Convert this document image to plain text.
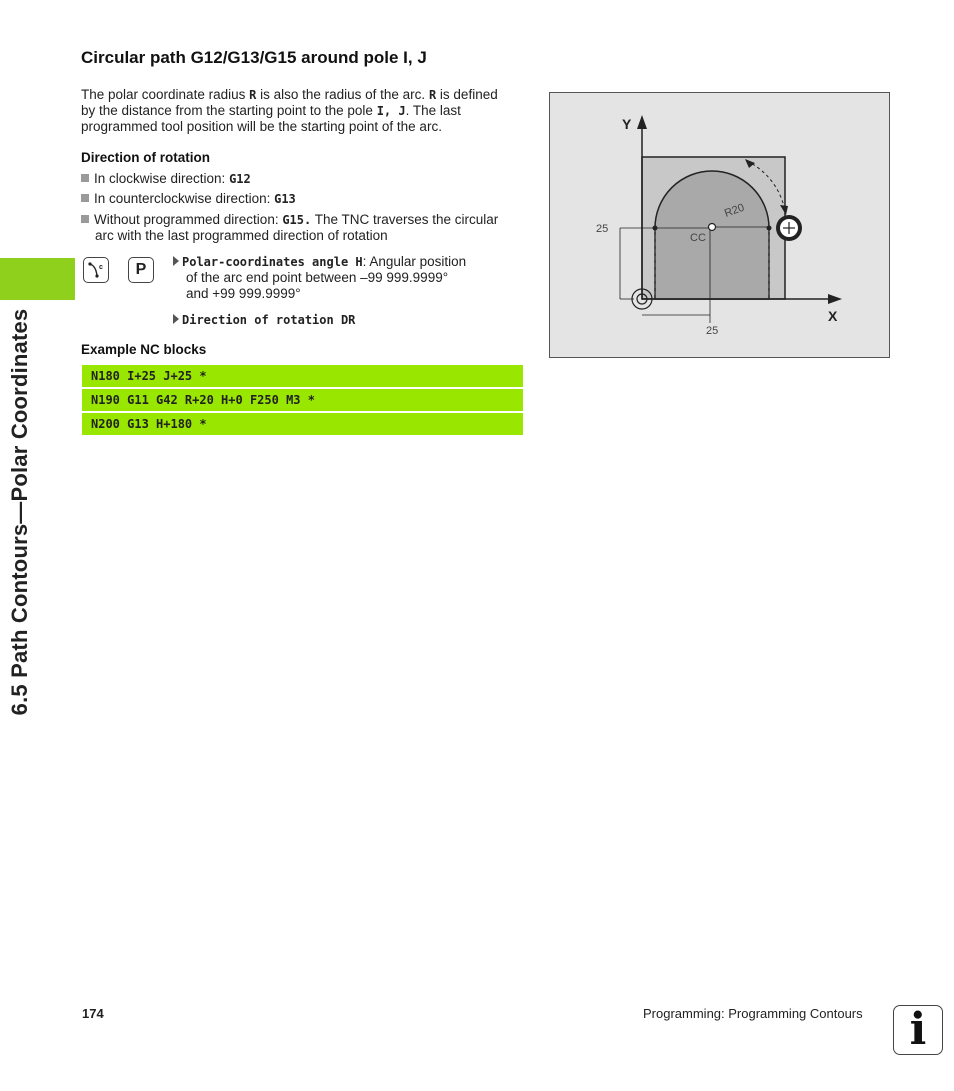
6.5 Path Contours—Polar Coordinates
Circular path G12/G13/G15 around pole I, J
The polar coordinate radius R is also the radius of the arc. R is defined
by the distance from the starting point to the pole I, J. The last
programmed tool position will be the starting point of the arc.
Direction of rotation
In clockwise direction: G12
In counterclockwise direction: G13
Without programmed direction: G15. The TNC traverses the circular
arc with the last programmed direction of rotation
c	P	Polar-coordinates angle H: Angular position
of the arc end point between –99 999.9999°
and +99 999.9999°
Direction of rotation DR
Example NC blocks
N180 I+25 J+25 *
N190 G11 G42 R+20 H+0 F250 M3 *
N200 G13 H+180 *
Y
X
25
25
CC
R20
174	Programming: Programming Contours	i
